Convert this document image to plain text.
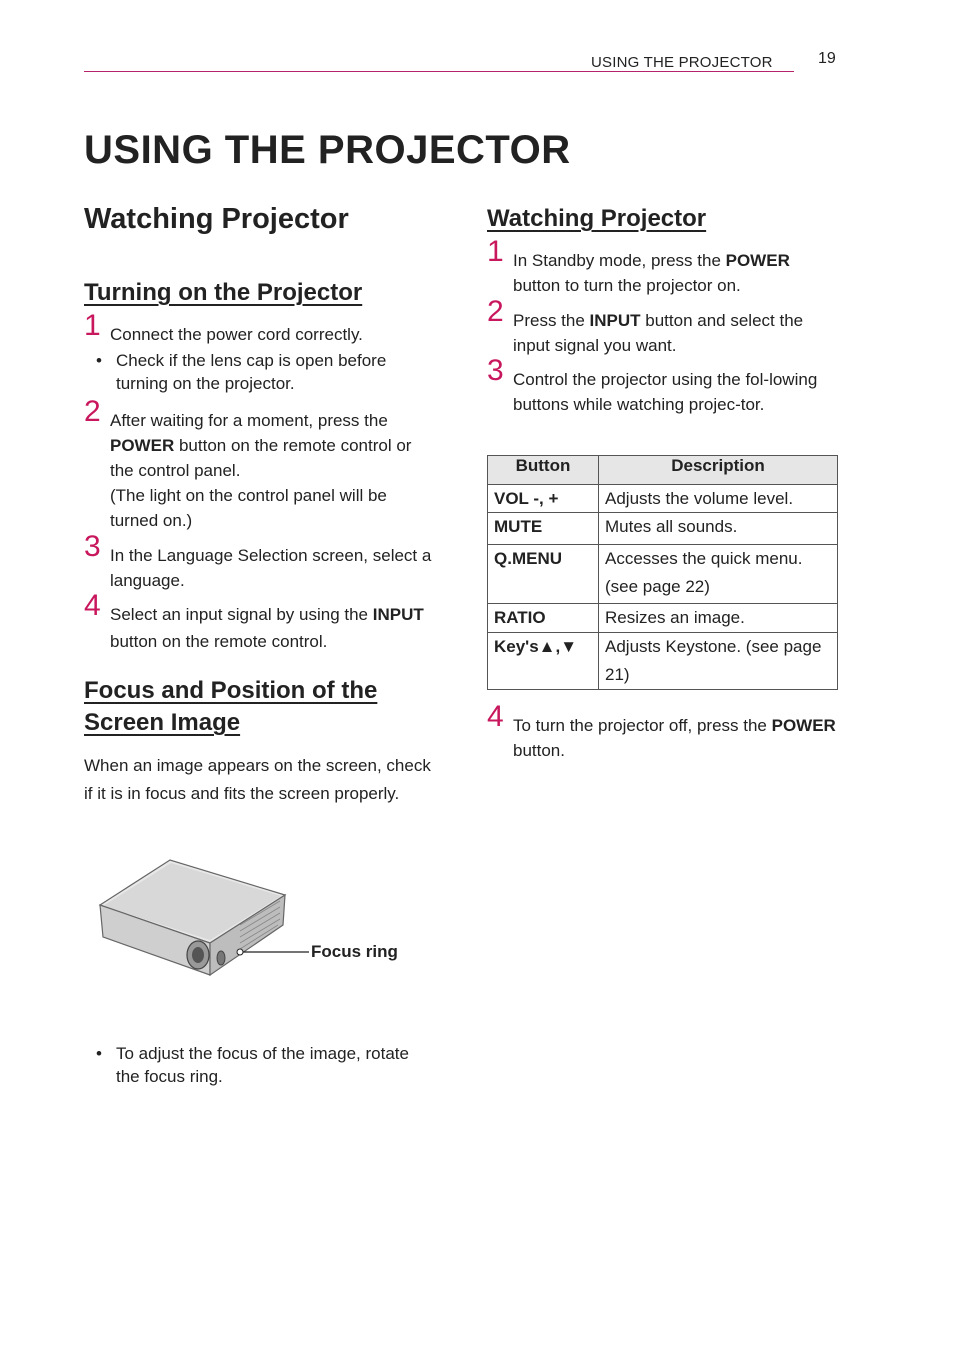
USING THE PROJECTOR	19
USING THE PROJECTOR
Watching Projector
Turning on the Projector
1 Connect the power cord correctly.
• Check if the lens cap is open before turning on the projector.
2 After waiting for a moment, press the POWER button on the remote control or the control panel.
(The light on the control panel will be turned on.)
3 In the Language Selection screen, select a language.
4 Select an input signal by using the INPUT button on the remote control.
Focus and Position of the
Screen Image
When an image appears on the screen, check if it is in focus and fits the screen properly.
Focus ring
• To adjust the focus of the image, rotate the focus ring.
Watching Projector
1 In Standby mode, press the POWER button to turn the projector on.
2 Press the INPUT button and select the input signal you want.
3 Control the projector using the fol-lowing buttons while watching projec-tor.
Button	Description
VOL -, +	Adjusts the volume level.
MUTE	Mutes all sounds.
Q.MENU	Accesses the quick menu. (see page 22)
RATIO	Resizes an image.
Key's▲,▼	Adjusts Keystone. (see page 21)
4 To turn the projector off, press the POWER button.
